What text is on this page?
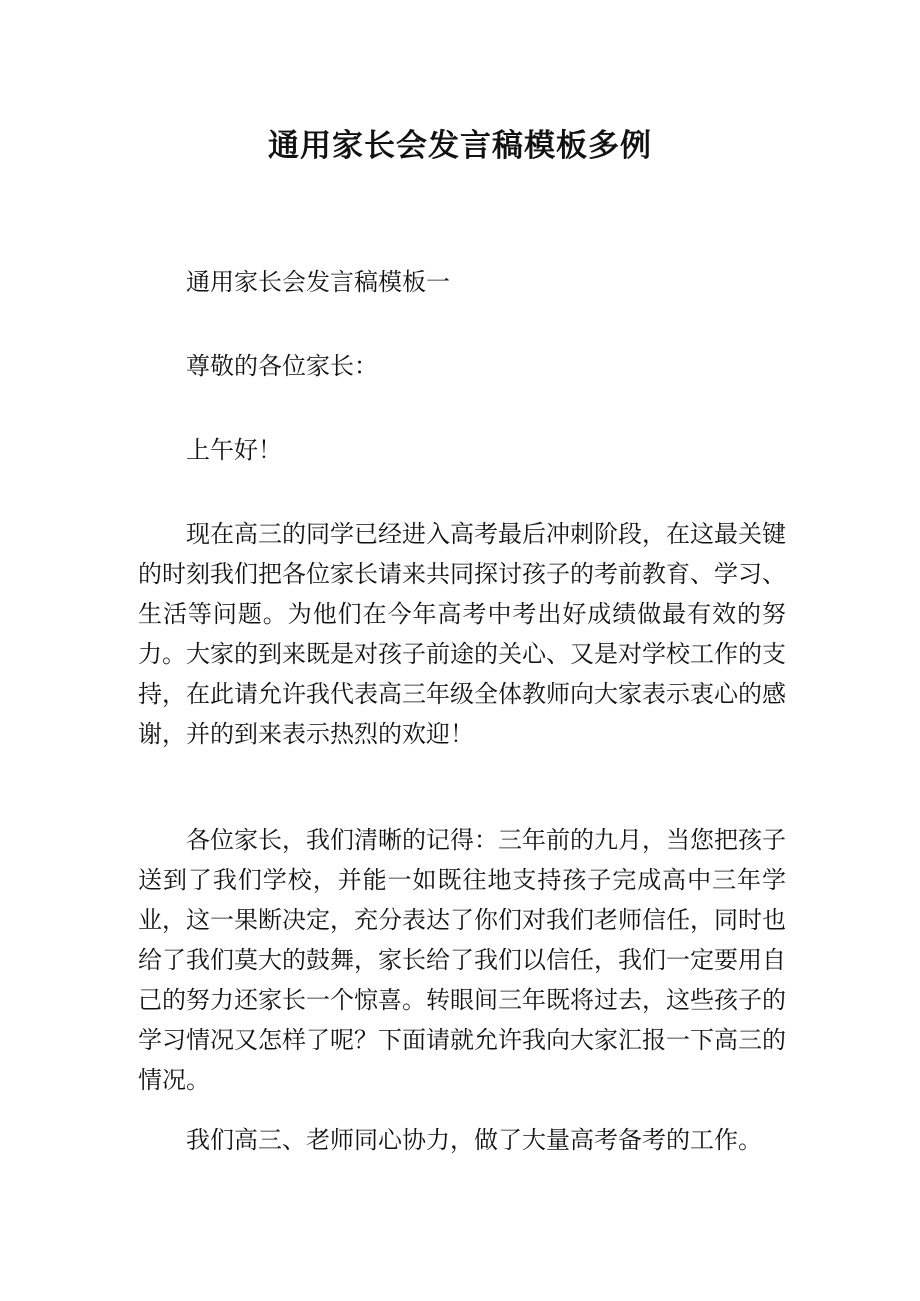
通用家长会发言稿模板多例

通用家长会发言稿模板一

尊敬的各位家长：

上午好！

现在高三的同学已经进入高考最后冲刺阶段，在这最关键的时刻我们把各位家长请来共同探讨孩子的考前教育、学习、生活等问题。为他们在今年高考中考出好成绩做最有效的努力。大家的到来既是对孩子前途的关心、又是对学校工作的支持，在此请允许我代表高三年级全体教师向大家表示衷心的感谢，并的到来表示热烈的欢迎！

各位家长，我们清晰的记得：三年前的九月，当您把孩子送到了我们学校，并能一如既往地支持孩子完成高中三年学业，这一果断决定，充分表达了你们对我们老师信任，同时也给了我们莫大的鼓舞，家长给了我们以信任，我们一定要用自己的努力还家长一个惊喜。转眼间三年既将过去，这些孩子的学习情况又怎样了呢？下面请就允许我向大家汇报一下高三的情况。

我们高三、老师同心协力，做了大量高考备考的工作。
